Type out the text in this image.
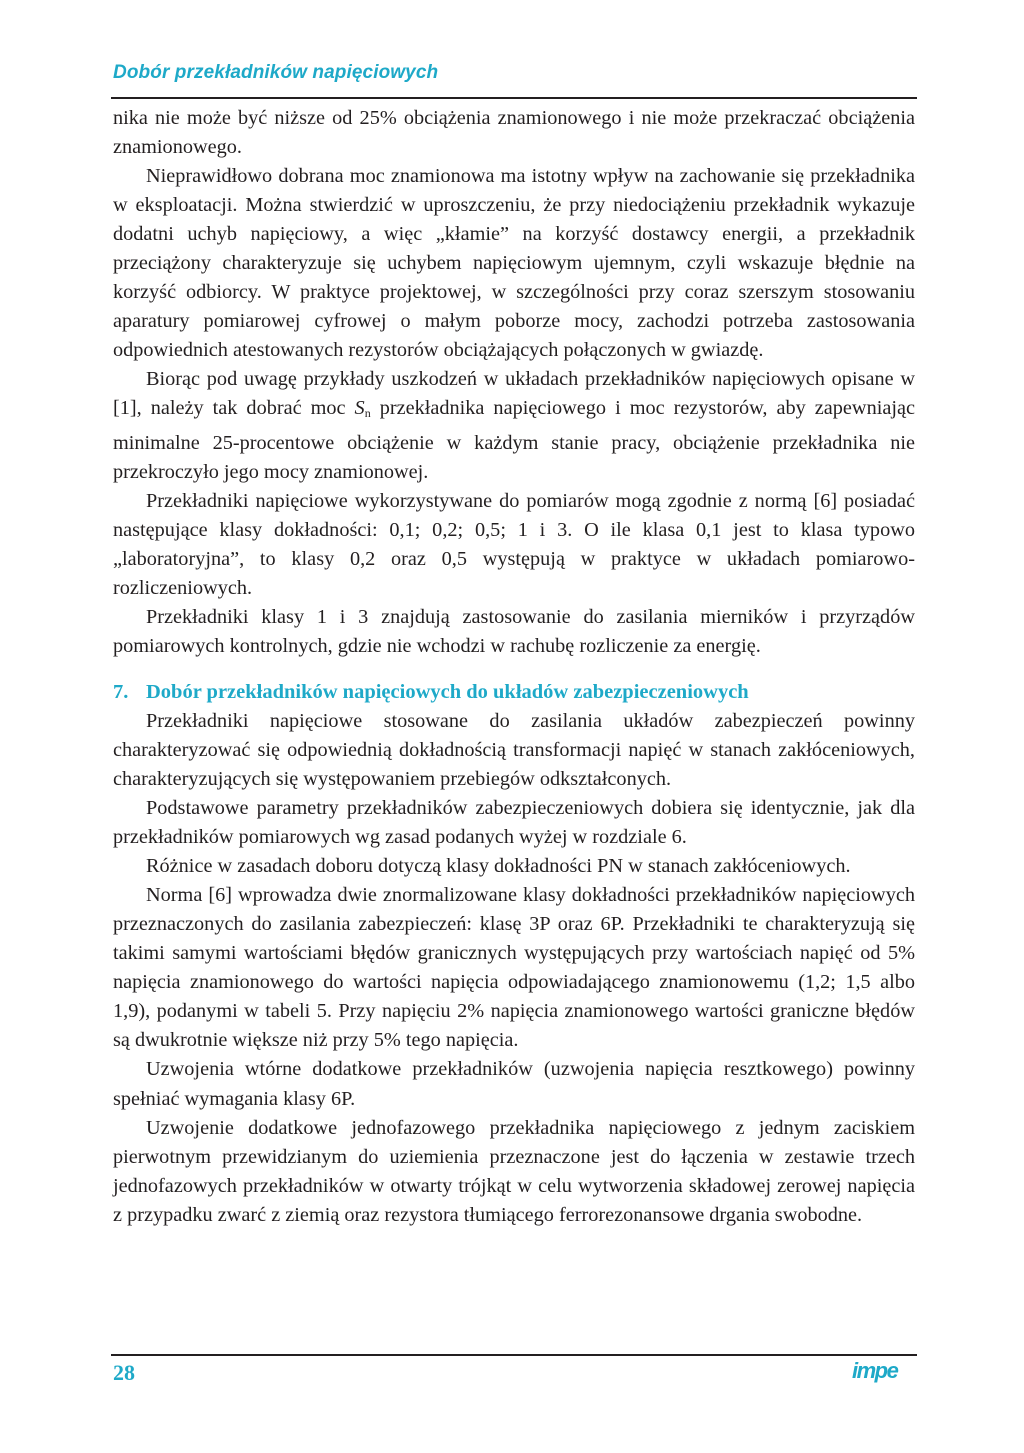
Dobór przekładników napięciowych

nika nie może być niższe od 25% obciążenia znamionowego i nie może przekraczać obciążenia znamionowego.

Nieprawidłowo dobrana moc znamionowa ma istotny wpływ na zachowanie się przekładnika w eksploatacji. Można stwierdzić w uproszczeniu, że przy niedociążeniu przekładnik wykazuje dodatni uchyb napięciowy, a więc „kłamie” na korzyść dostawcy energii, a przekładnik przeciążony charakteryzuje się uchybem napięciowym ujemnym, czyli wskazuje błędnie na korzyść odbiorcy. W praktyce projektowej, w szczególności przy coraz szerszym stosowaniu aparatury pomiarowej cyfrowej o małym poborze mocy, zachodzi potrzeba zastosowania odpowiednich atestowanych rezystorów obciążających połączonych w gwiazdę.

Biorąc pod uwagę przykłady uszkodzeń w układach przekładników napięciowych opisane w [1], należy tak dobrać moc $S_n$ przekładnika napięciowego i moc rezystorów, aby zapewniając minimalne 25-procentowe obciążenie w każdym stanie pracy, obciążenie przekładnika nie przekroczyło jego mocy znamionowej.

Przekładniki napięciowe wykorzystywane do pomiarów mogą zgodnie z normą [6] posiadać następujące klasy dokładności: 0,1; 0,2; 0,5; 1 i 3. O ile klasa 0,1 jest to klasa typowo „laboratoryjna”, to klasy 0,2 oraz 0,5 występują w praktyce w układach pomiarowo-rozliczeniowych.

Przekładniki klasy 1 i 3 znajdują zastosowanie do zasilania mierników i przyrządów pomiarowych kontrolnych, gdzie nie wchodzi w rachubę rozliczenie za energię.

7. Dobór przekładników napięciowych do układów zabezpieczeniowych

Przekładniki napięciowe stosowane do zasilania układów zabezpieczeń powinny charakteryzować się odpowiednią dokładnością transformacji napięć w stanach zakłóceniowych, charakteryzujących się występowaniem przebiegów odkształconych.

Podstawowe parametry przekładników zabezpieczeniowych dobiera się identycznie, jak dla przekładników pomiarowych wg zasad podanych wyżej w rozdziale 6.

Różnice w zasadach doboru dotyczą klasy dokładności PN w stanach zakłóceniowych.

Norma [6] wprowadza dwie znormalizowane klasy dokładności przekładników napięciowych przeznaczonych do zasilania zabezpieczeń: klasę 3P oraz 6P. Przekładniki te charakteryzują się takimi samymi wartościami błędów granicznych występujących przy wartościach napięć od 5% napięcia znamionowego do wartości napięcia odpowiadającego znamionowemu (1,2; 1,5 albo 1,9), podanymi w tabeli 5. Przy napięciu 2% napięcia znamionowego wartości graniczne błędów są dwukrotnie większe niż przy 5% tego napięcia.

Uzwojenia wtórne dodatkowe przekładników (uzwojenia napięcia resztkowego) powinny spełniać wymagania klasy 6P.

Uzwojenie dodatkowe jednofazowego przekładnika napięciowego z jednym zaciskiem pierwotnym przewidzianym do uziemienia przeznaczone jest do łączenia w zestawie trzech jednofazowych przekładników w otwarty trójkąt w celu wytworzenia składowej zerowej napięcia z przypadku zwarć z ziemią oraz rezystora tłumiącego ferrorezonansowe drgania swobodne.

28	impe
